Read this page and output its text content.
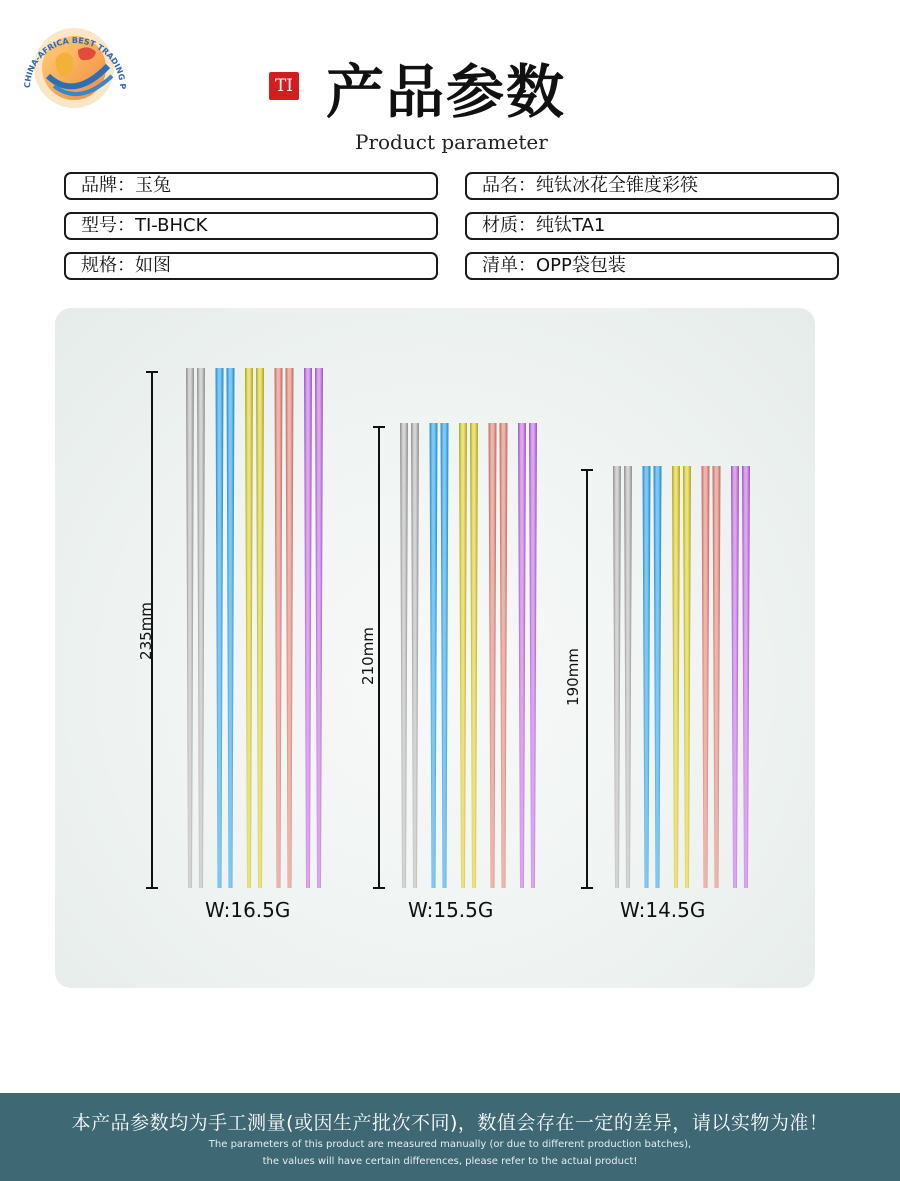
CHINA-AFRICA BEST TRADING P	TI 产品参数
Product parameter
品牌：玉兔	品名：纯钛冰花全锥度彩筷
型号：TI-BHCK	材质：纯钛TA1
规格：如图	清单：OPP袋包装
235mm	210mm	190mm
W:16.5G	W:15.5G	W:14.5G
本产品参数均为手工测量(或因生产批次不同)，数值会存在一定的差异，请以实物为准！
The parameters of this product are measured manually (or due to different production batches),
the values will have certain differences, please refer to the actual product!
